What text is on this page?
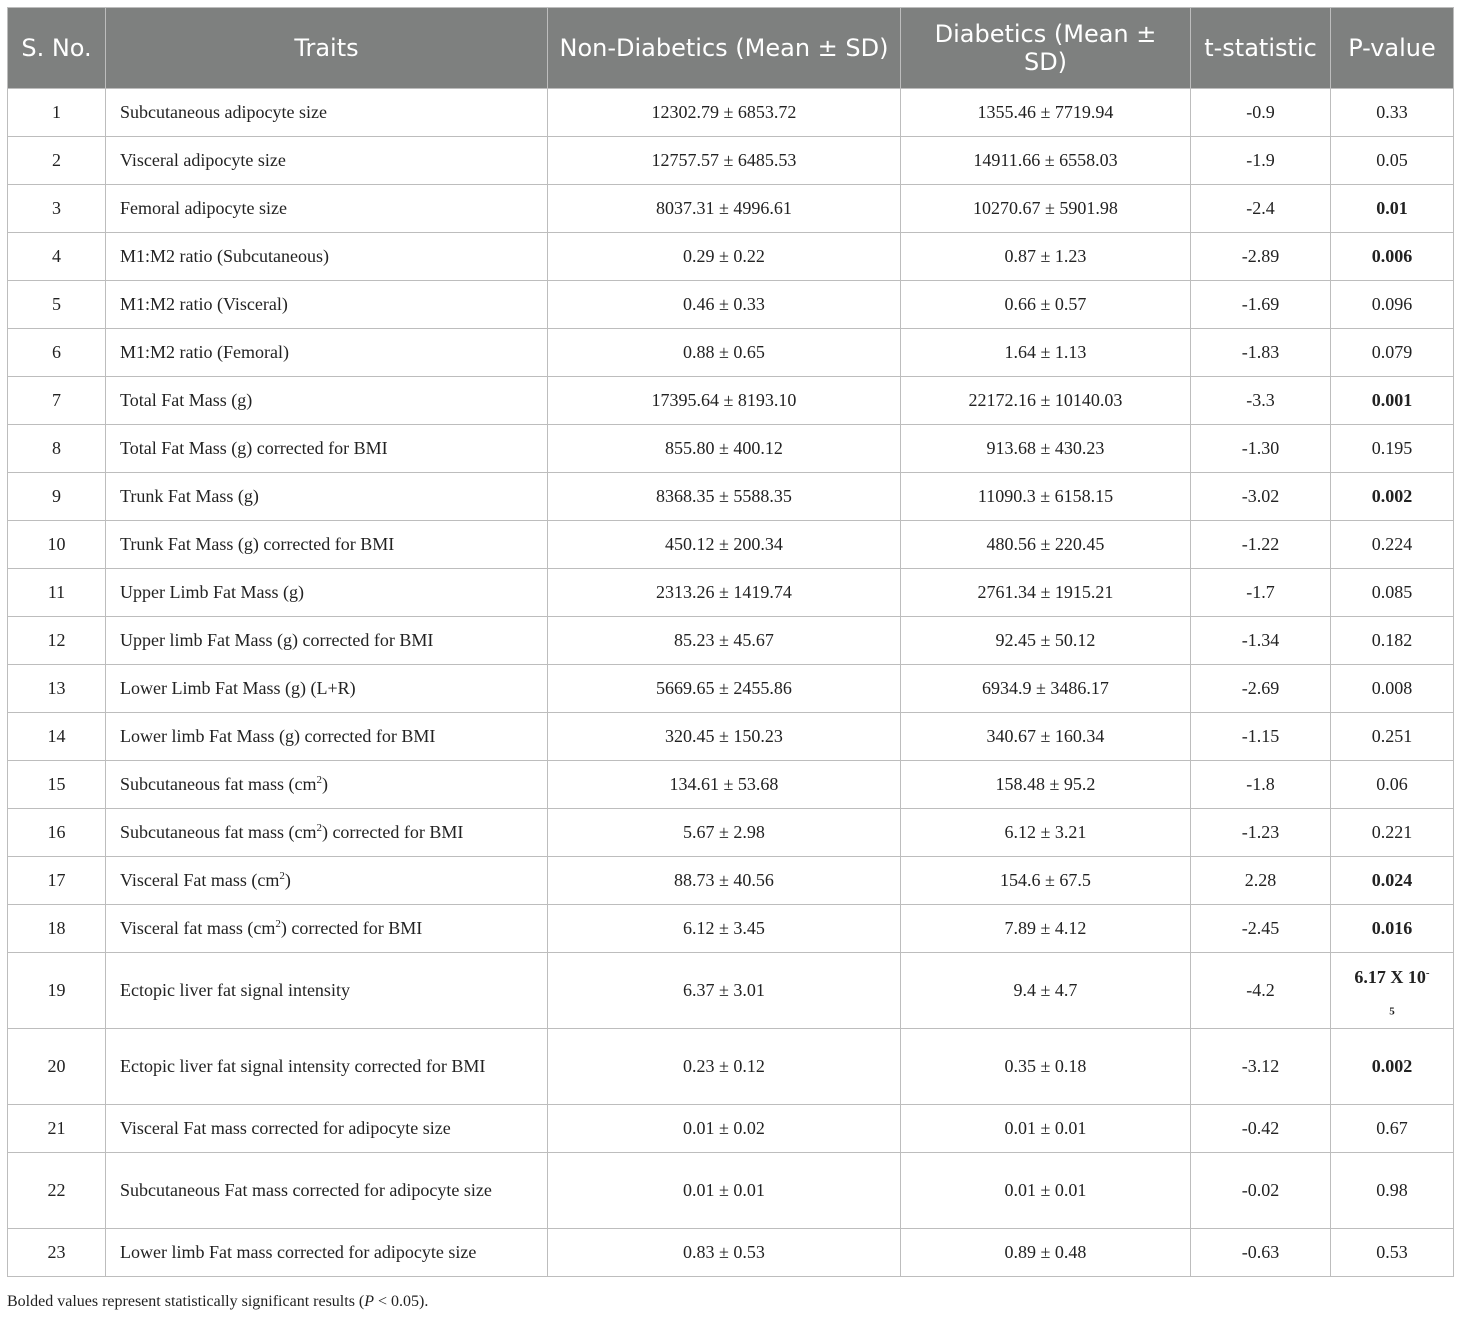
S. No.	Traits	Non-Diabetics (Mean ± SD)	Diabetics (Mean ± SD)	t-statistic	P-value
1	Subcutaneous adipocyte size	12302.79 ± 6853.72	1355.46 ± 7719.94	-0.9	0.33
2	Visceral adipocyte size	12757.57 ± 6485.53	14911.66 ± 6558.03	-1.9	0.05
3	Femoral adipocyte size	8037.31 ± 4996.61	10270.67 ± 5901.98	-2.4	0.01
4	M1:M2 ratio (Subcutaneous)	0.29 ± 0.22	0.87 ± 1.23	-2.89	0.006
5	M1:M2 ratio (Visceral)	0.46 ± 0.33	0.66 ± 0.57	-1.69	0.096
6	M1:M2 ratio (Femoral)	0.88 ± 0.65	1.64 ± 1.13	-1.83	0.079
7	Total Fat Mass (g)	17395.64 ± 8193.10	22172.16 ± 10140.03	-3.3	0.001
8	Total Fat Mass (g) corrected for BMI	855.80 ± 400.12	913.68 ± 430.23	-1.30	0.195
9	Trunk Fat Mass (g)	8368.35 ± 5588.35	11090.3 ± 6158.15	-3.02	0.002
10	Trunk Fat Mass (g) corrected for BMI	450.12 ± 200.34	480.56 ± 220.45	-1.22	0.224
11	Upper Limb Fat Mass (g)	2313.26 ± 1419.74	2761.34 ± 1915.21	-1.7	0.085
12	Upper limb Fat Mass (g) corrected for BMI	85.23 ± 45.67	92.45 ± 50.12	-1.34	0.182
13	Lower Limb Fat Mass (g) (L+R)	5669.65 ± 2455.86	6934.9 ± 3486.17	-2.69	0.008
14	Lower limb Fat Mass (g) corrected for BMI	320.45 ± 150.23	340.67 ± 160.34	-1.15	0.251
15	Subcutaneous fat mass $(cm^2)$	134.61 ± 53.68	158.48 ± 95.2	-1.8	0.06
16	Subcutaneous fat mass $(cm^2)$ corrected for BMI	5.67 ± 2.98	6.12 ± 3.21	-1.23	0.221
17	Visceral Fat mass $(cm^2)$	88.73 ± 40.56	154.6 ± 67.5	2.28	0.024
18	Visceral fat mass $(cm^2)$ corrected for BMI	6.12 ± 3.45	7.89 ± 4.12	-2.45	0.016
19	Ectopic liver fat signal intensity	6.37 ± 3.01	9.4 ± 4.7	-4.2	6.17 X 10-
$_5$
20	Ectopic liver fat signal intensity corrected for BMI	0.23 ± 0.12	0.35 ± 0.18	-3.12	0.002
21	Visceral Fat mass corrected for adipocyte size	0.01 ± 0.02	0.01 ± 0.01	-0.42	0.67
22	Subcutaneous Fat mass corrected for adipocyte size	0.01 ± 0.01	0.01 ± 0.01	-0.02	0.98
23	Lower limb Fat mass corrected for adipocyte size	0.83 ± 0.53	0.89 ± 0.48	-0.63	0.53
Bolded values represent statistically significant results (P < 0.05).
